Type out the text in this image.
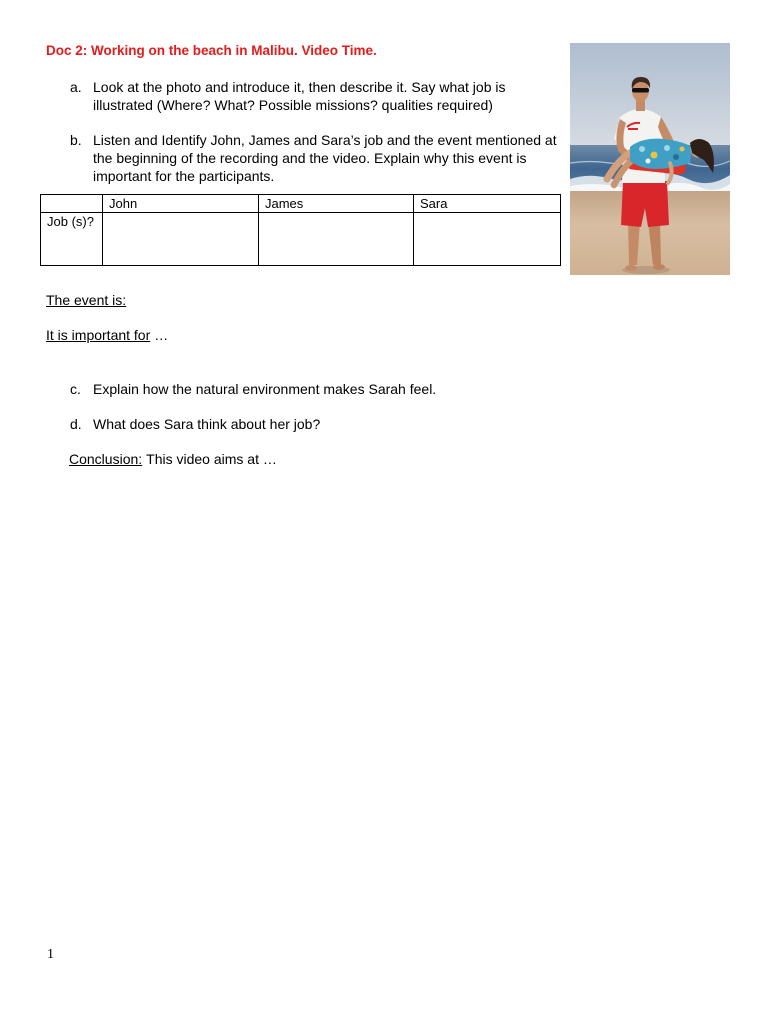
Doc 2: Working on the beach in Malibu. Video Time.
a. Look at the photo and introduce it, then describe it. Say what job is
illustrated (Where? What? Possible missions? qualities required)
b. Listen and Identify John, James and Sara’s job and the event mentioned at
the beginning of the recording and the video. Explain why this event is
important for the participants.
	John	James	Sara
Job (s)?			
The event is:
It is important for …
c. Explain how the natural environment makes Sarah feel.
d. What does Sara think about her job?
Conclusion: This video aims at …
1
